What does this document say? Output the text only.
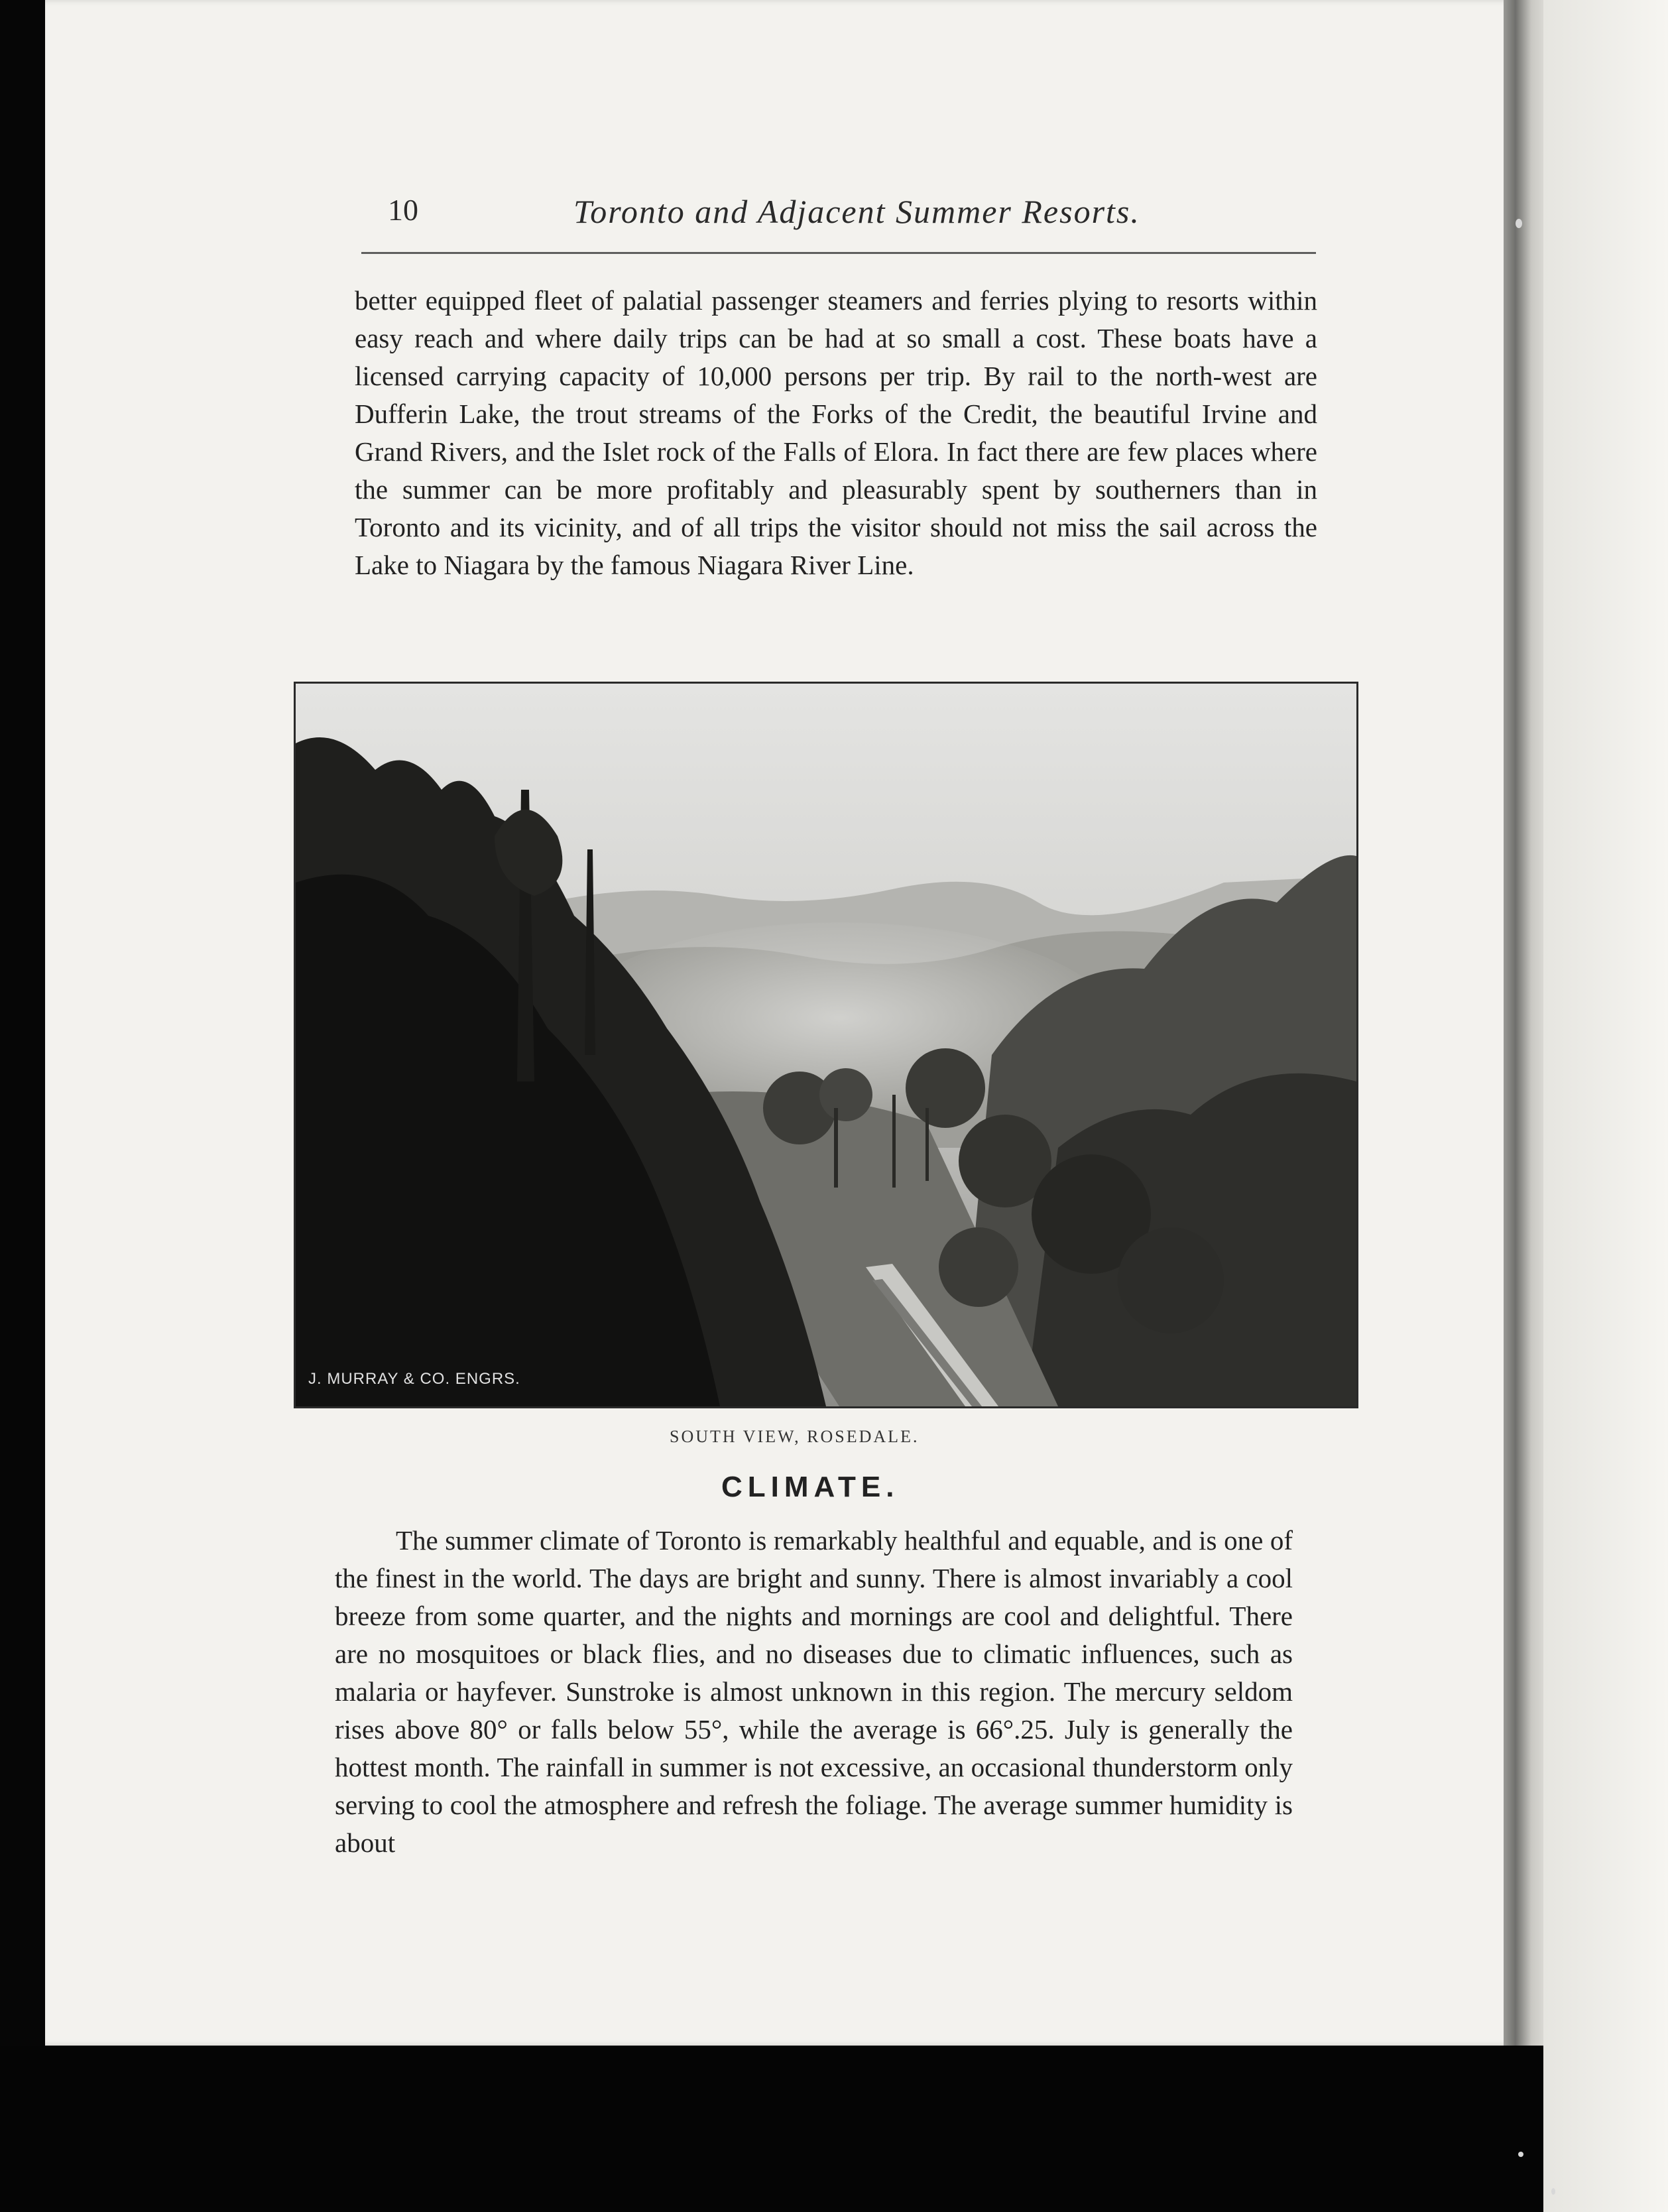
10	Toronto and Adjacent Summer Resorts.
better equipped fleet of palatial passenger steamers and ferries plying to resorts within easy reach and where daily trips can be had at so small a cost. These boats have a licensed carrying capacity of 10,000 persons per trip. By rail to the north-west are Dufferin Lake, the trout streams of the Forks of the Credit, the beautiful Irvine and Grand Rivers, and the Islet rock of the Falls of Elora. In fact there are few places where the summer can be more profitably and pleasurably spent by southerners than in Toronto and its vicinity, and of all trips the visitor should not miss the sail across the Lake to Niagara by the famous Niagara River Line.
J. MURRAY & CO. ENGRS.
SOUTH VIEW, ROSEDALE.
CLIMATE.
The summer climate of Toronto is remarkably healthful and equable, and is one of the finest in the world. The days are bright and sunny. There is almost invariably a cool breeze from some quarter, and the nights and mornings are cool and delightful. There are no mosquitoes or black flies, and no diseases due to climatic influences, such as malaria or hayfever. Sunstroke is almost unknown in this region. The mercury seldom rises above 80° or falls below 55°, while the average is 66°.25. July is generally the hottest month. The rainfall in summer is not excessive, an occasional thunderstorm only serving to cool the atmosphere and refresh the foliage. The average summer humidity is about
